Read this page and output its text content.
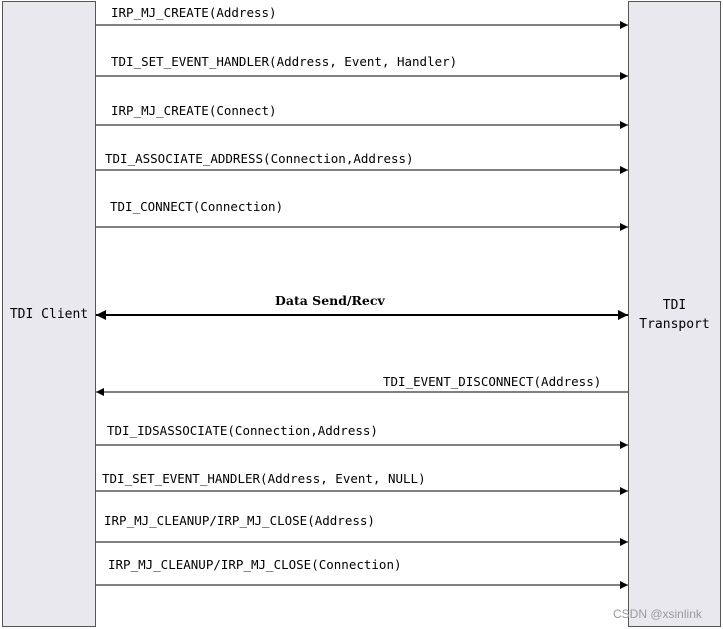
TDI Client
TDI
Transport
IRP_MJ_CREATE(Address)
TDI_SET_EVENT_HANDLER(Address, Event, Handler)
IRP_MJ_CREATE(Connect)
TDI_ASSOCIATE_ADDRESS(Connection,Address)
TDI_CONNECT(Connection)
Data Send/Recv
TDI_EVENT_DISCONNECT(Address)
TDI_IDSASSOCIATE(Connection,Address)
TDI_SET_EVENT_HANDLER(Address, Event, NULL)
IRP_MJ_CLEANUP/IRP_MJ_CLOSE(Address)
IRP_MJ_CLEANUP/IRP_MJ_CLOSE(Connection)
CSDN @xsinlink
